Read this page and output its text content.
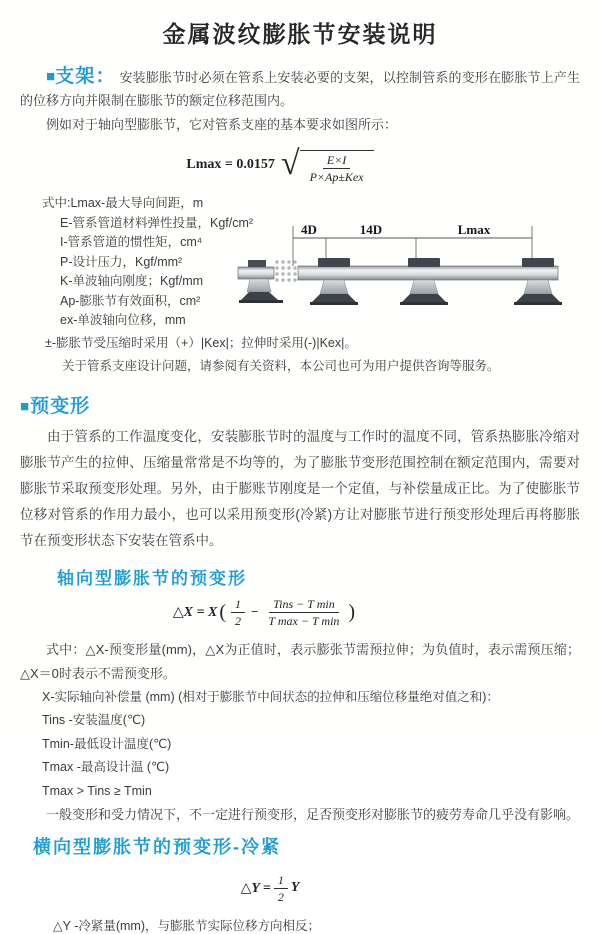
金属波纹膨胀节安装说明

■支架： 安装膨胀节时必须在管系上安装必要的支架，以控制管系的变形在膨胀节上产生的位移方向并限制在膨胀节的额定位移范围内。

例如对于轴向型膨胀节，它对管系支座的基本要求如图所示：

Lmax = 0.0157 √ $\frac{E\times I}{\text{P×Ap±Kex}}$
式中:Lmax-最大导向间距，m
E-管系管道材料弹性投量，Kgf/cm²
I-管系管道的惯性矩，cm⁴
P-设计压力，Kgf/mm²
K-单波轴向刚度；Kgf/mm
Ap-膨胀节有效面积，cm²
ex-单波轴向位移，mm
4D	14D	Lmax
±-膨胀节受压缩时采用（+）|Kex|；拉伸时采用(-)|Kex|。
关于管系支座设计问题，请参阅有关资料，本公司也可为用户提供咨询等服务。
■预变形

由于管系的工作温度变化，安装膨胀节时的温度与工作时的温度不同，管系热膨胀冷缩对膨胀节产生的拉伸、压缩量常常是不均等的，为了膨胀节变形范围控制在额定范围内，需要对膨胀节采取预变形处理。另外，由于膨账节刚度是一个定值，与补偿量成正比。为了使膨胀节位移对管系的作用力最小，也可以采用预变形(冷紧)方让对膨胀节进行预变形处理后再将膨胀节在预变形状态下安装在管系中。

轴向型膨胀节的预变形
△X = X ( $\frac{1}{2} - \frac{\text{Tins − T min}}{\text{T max − T min}}$ )

式中：△X-预变形量(mm)，△X为正值时，表示膨张节需预拉伸；为负值时，表示需预压缩；△X＝0时表示不需预变形。

X-实际轴向补偿量 (mm) (相对于膨胀节中间状态的拉伸和压缩位移量绝对值之和)：
Tins -安装温度(℃)
Tmin-最低设计温度(℃)
Tmax -最高设计温 (℃)
Tmax > Tins ≥ Tmin

一般变形和受力情况下，不一定进行预变形，足否预变形对膨胀节的疲劳寿命几乎没有影响。

横向型膨胀节的预变形-冷紧
△Y = $\frac{1}{2}$ Y
△Y -冷紧量(mm)，与膨胀节实际位移方向相反；
